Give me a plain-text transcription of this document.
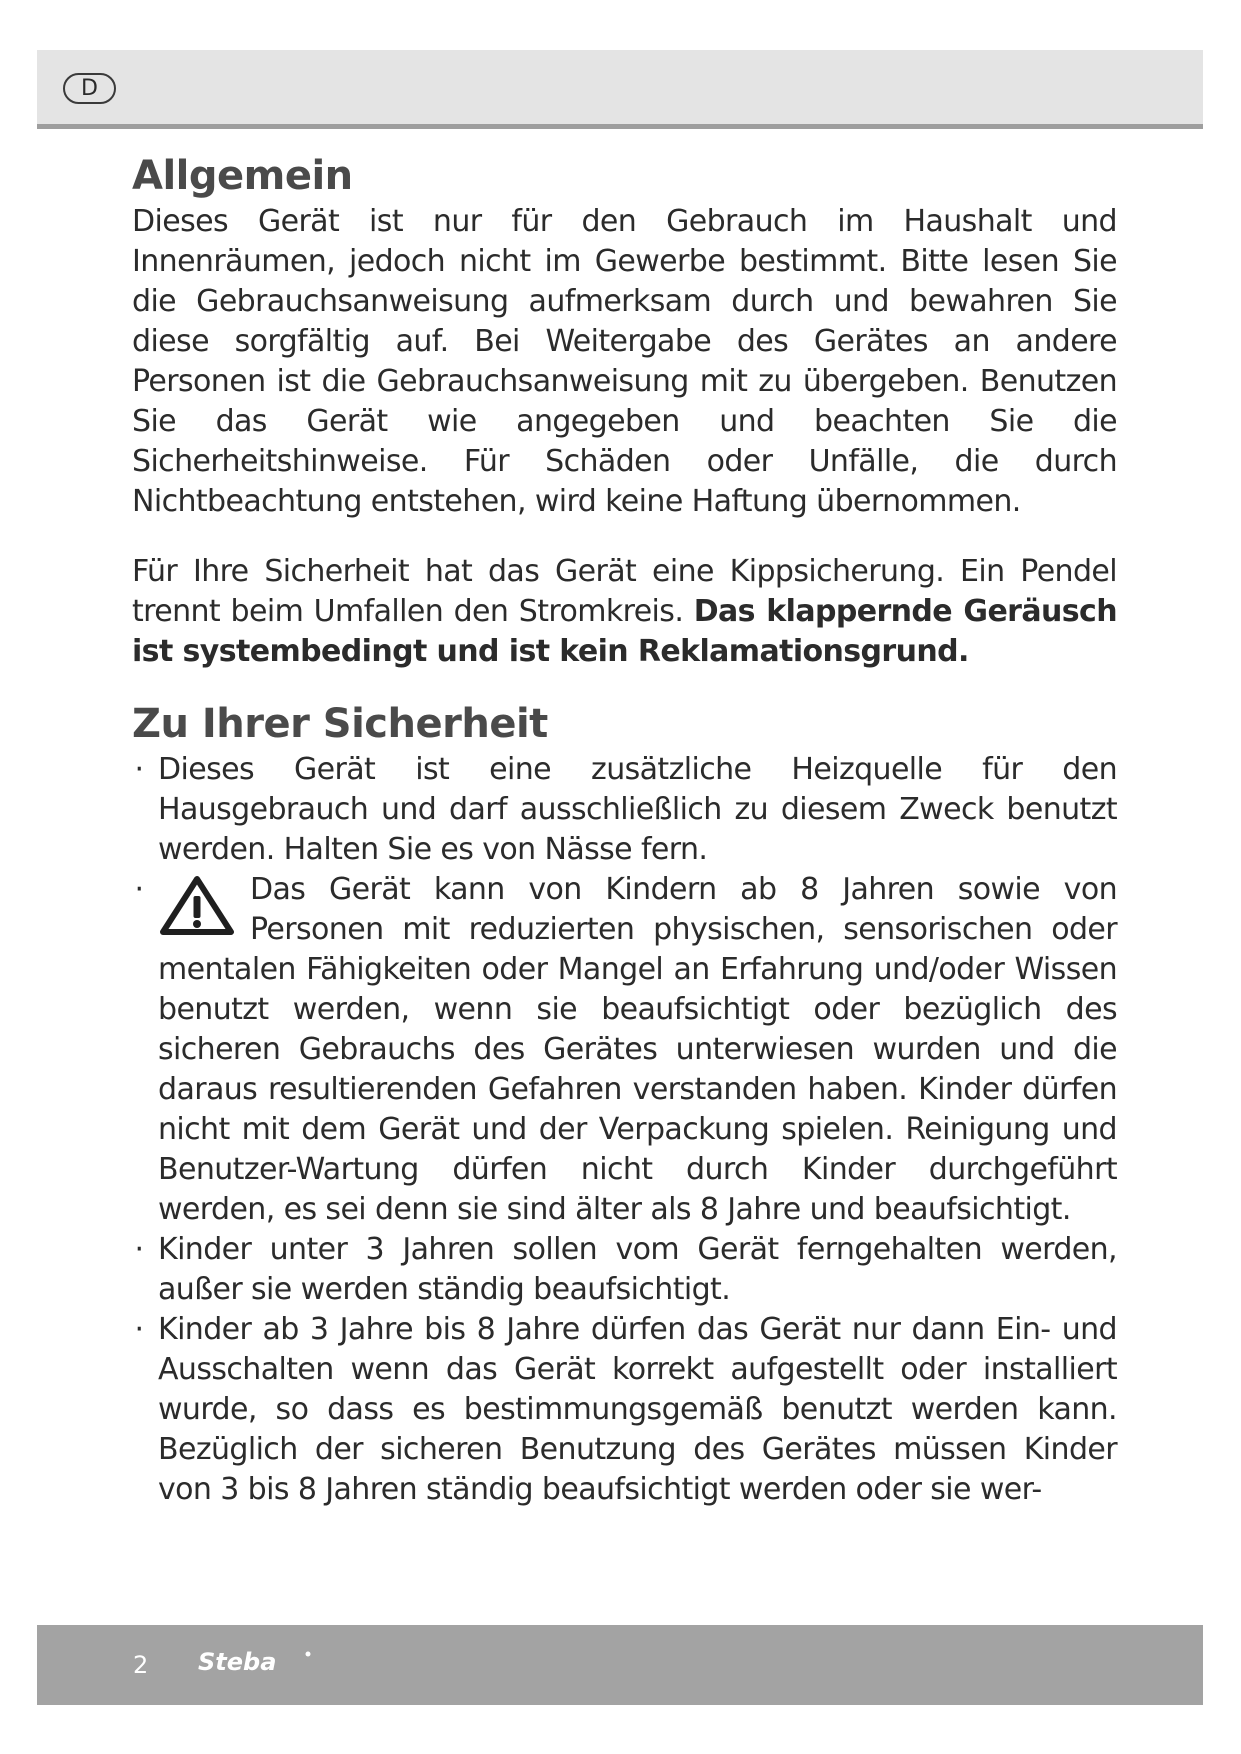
D
Allgemein

Dieses Gerät ist nur für den Gebrauch im Haushalt und Innenräumen, jedoch nicht im Gewerbe bestimmt. Bitte lesen Sie die Gebrauchsanweisung aufmerksam durch und bewahren Sie diese sorgfältig auf. Bei Weitergabe des Gerätes an andere Personen ist die Gebrauchsanweisung mit zu übergeben. Benutzen Sie das Gerät wie angegeben und beachten Sie die Sicherheitshinweise. Für Schäden oder Unfälle, die durch Nichtbeachtung entstehen, wird keine Haftung übernommen.

Für Ihre Sicherheit hat das Gerät eine Kippsicherung. Ein Pendel trennt beim Umfallen den Stromkreis. Das klappernde Geräusch ist systembedingt und ist kein Reklamationsgrund.

Zu Ihrer Sicherheit
· Dieses Gerät ist eine zusätzliche Heizquelle für den Hausgebrauch und darf ausschließlich zu diesem Zweck benutzt werden. Halten Sie es von Nässe fern.
·	Das Gerät kann von Kindern ab 8 Jahren sowie von Personen mit reduzierten physischen, sensorischen oder mentalen Fähigkeiten oder Mangel an Erfahrung und/oder Wissen benutzt werden, wenn sie beaufsichtigt oder bezüglich des sicheren Gebrauchs des Gerätes unterwiesen wurden und die daraus resultierenden Gefahren verstanden haben. Kinder dürfen nicht mit dem Gerät und der Verpackung spielen. Reinigung und Benutzer-Wartung dürfen nicht durch Kinder durchgeführt werden, es sei denn sie sind älter als 8 Jahre und beaufsichtigt.
· Kinder unter 3 Jahren sollen vom Gerät ferngehalten werden, außer sie werden ständig beaufsichtigt.
· Kinder ab 3 Jahre bis 8 Jahre dürfen das Gerät nur dann Ein- und Ausschalten wenn das Gerät korrekt aufgestellt oder installiert wurde, so dass es bestimmungsgemäß benutzt werden kann. Bezüglich der sicheren Benutzung des Gerätes müssen Kinder von 3 bis 8 Jahren ständig beaufsichtigt werden oder sie wer-
2 Steba
